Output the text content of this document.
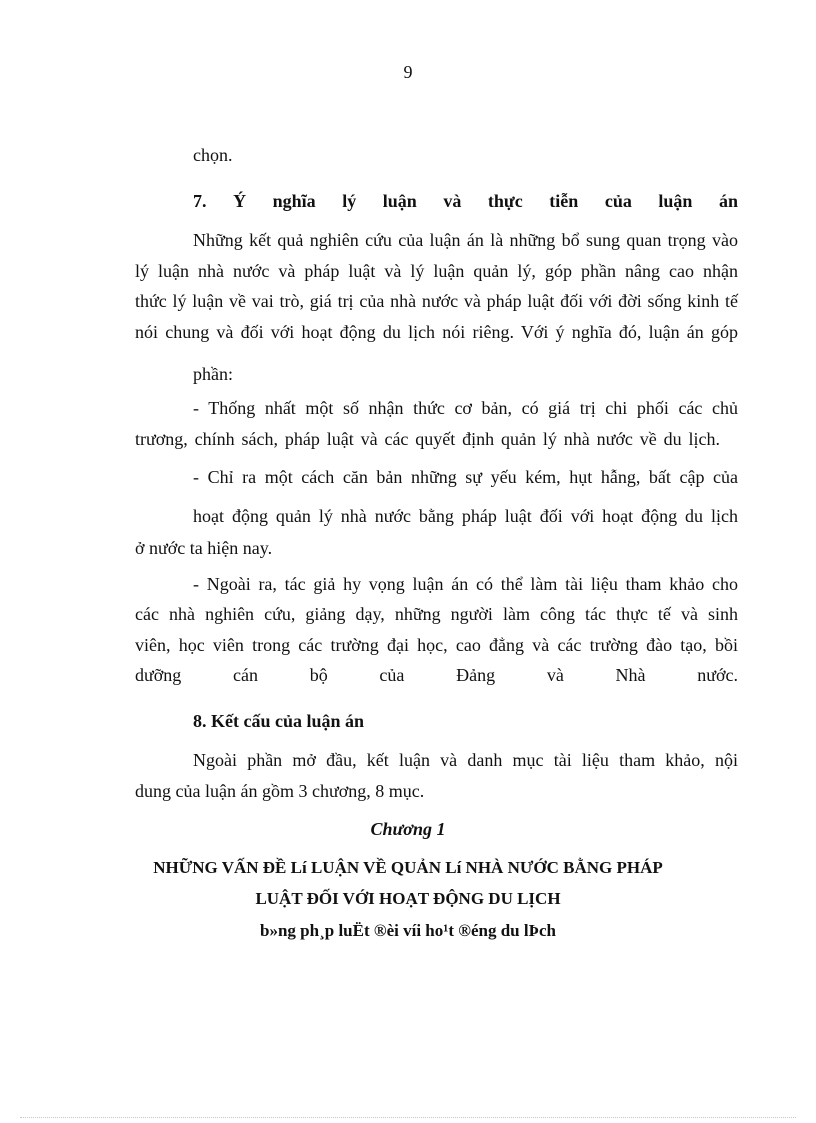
9
chọn.
7. Ý nghĩa lý luận và thực tiễn của luận án
Những kết quả nghiên cứu của luận án là những bổ sung quan trọng vào
lý luận nhà nước và pháp luật và lý luận quản lý, góp phần nâng cao nhận
thức lý luận về vai trò, giá trị của nhà nước và pháp luật đối với đời sống kinh tế
nói chung và đối với hoạt động du lịch nói riêng. Với ý nghĩa đó, luận án góp
phần:
- Thống nhất một số nhận thức cơ bản, có giá trị chi phối các chủ
trương, chính sách, pháp luật và các quyết định quản lý nhà nước về du lịch.
- Chỉ ra một cách căn bản những sự yếu kém, hụt hẫng, bất cập của
hoạt động quản lý nhà nước bằng pháp luật đối với hoạt động du lịch
ở nước ta hiện nay.
- Ngoài ra, tác giả hy vọng luận án có thể làm tài liệu tham khảo cho
các nhà nghiên cứu, giảng dạy, những người làm công tác thực tế và sinh
viên, học viên trong các trường đại học, cao đẳng và các trường đào tạo, bồi
dưỡng cán bộ của Đảng và Nhà nước.
8. Kết cấu của luận án
Ngoài phần mở đầu, kết luận và danh mục tài liệu tham khảo, nội
dung của luận án gồm 3 chương, 8 mục.
Chương 1
NHỮNG VẤN ĐỀ Lí LUẬN VỀ QUẢN Lí NHÀ NƯỚC BẰNG PHÁP
LUẬT ĐỐI VỚI HOẠT ĐỘNG DU LỊCH
b»ng ph¸p luËt ®èi víi ho¹t ®éng du lÞch
